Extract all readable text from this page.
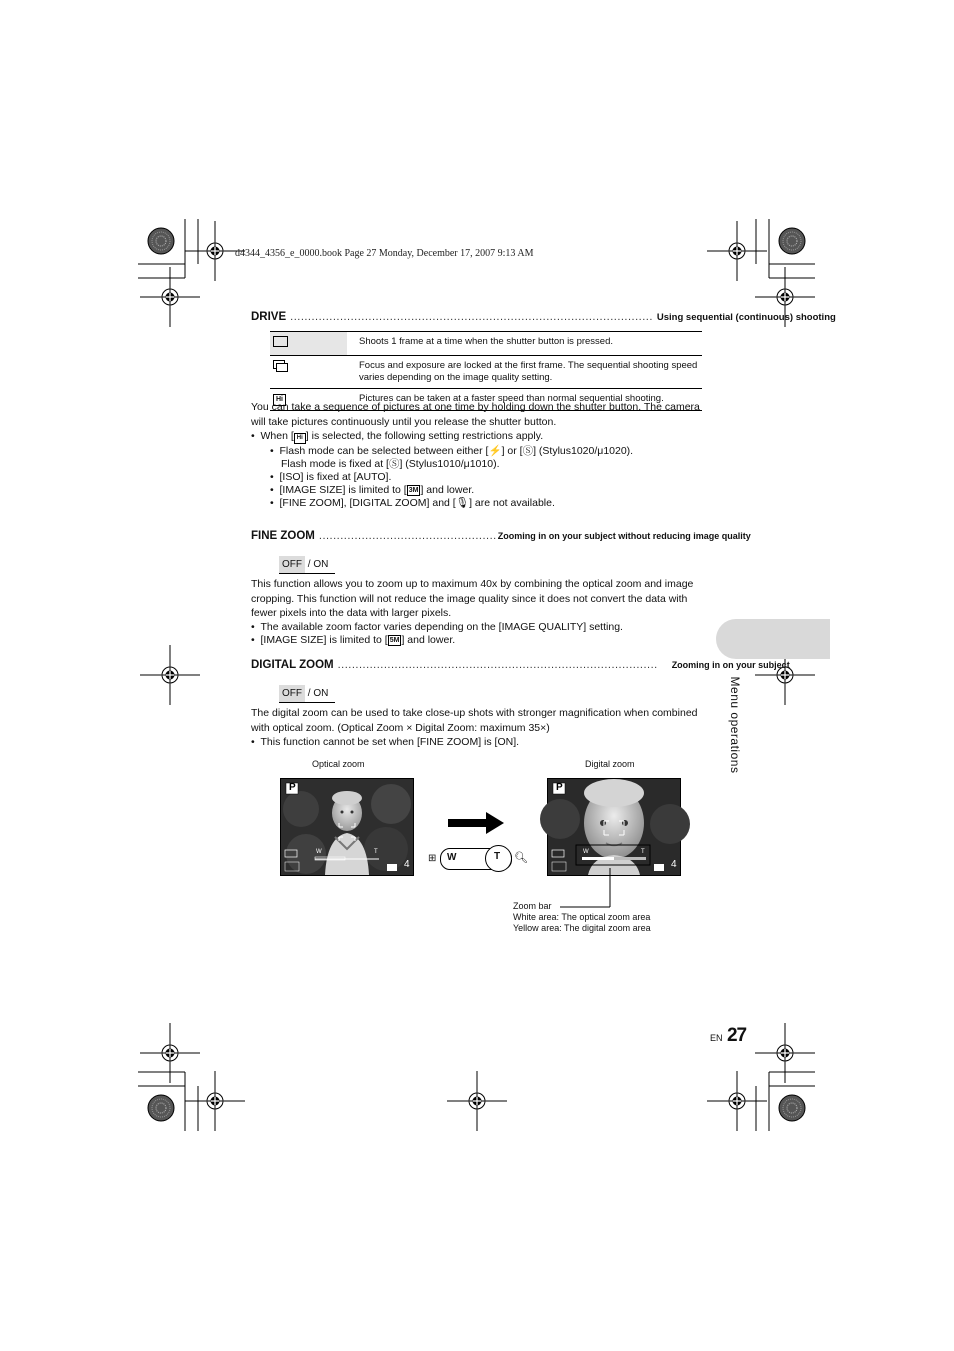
d4344_4356_e_0000.book Page 27 Monday, December 17, 2007 9:13 AM
DRIVE ...................................................................................................... Using sequential (continuous) shooting
	Shoots 1 frame at a time when the shutter button is pressed.

	Focus and exposure are locked at the first frame. The sequential shooting speed varies depending on the image quality setting.
Hi	Pictures can be taken at a faster speed than normal sequential shooting.
You can take a sequence of pictures at one time by holding down the shutter button. The camera will take pictures continuously until you release the shutter button.
•  When [ Hi ] is selected, the following setting restrictions apply.
•  Flash mode can be selected between either [⚡] or [Ⓢ] (Stylus1020/μ1020).
Flash mode is fixed at [Ⓢ] (Stylus1010/μ1010).
•  [ISO] is fixed at [AUTO].
•  [IMAGE SIZE] is limited to [ 3M ] and lower.
•  [FINE ZOOM], [DIGITAL ZOOM] and [🎙] are not available.
FINE ZOOM .................................................. Zooming in on your subject without reducing image quality
OFF / ON
This function allows you to zoom up to maximum 40x by combining the optical zoom and image cropping. This function will not reduce the image quality since it does not convert the data with fewer pixels into the data with larger pixels.
•  The available zoom factor varies depending on the [IMAGE QUALITY] setting.
•  [IMAGE SIZE] is limited to [ 5M ] and lower.
DIGITAL ZOOM .......................................................................................... Zooming in on your subject
OFF / ON
The digital zoom can be used to take close-up shots with stronger magnification when combined with optical zoom. (Optical Zoom × Digital Zoom: maximum 35×)
•  This function cannot be set when [FINE ZOOM] is [ON].
Optical zoom	Digital zoom
P
W	T
4
⊞ W	T 🔍︎
P
W	T
4
Zoom bar
White area: The optical zoom area
Yellow area: The digital zoom area
Menu operations
EN 27
